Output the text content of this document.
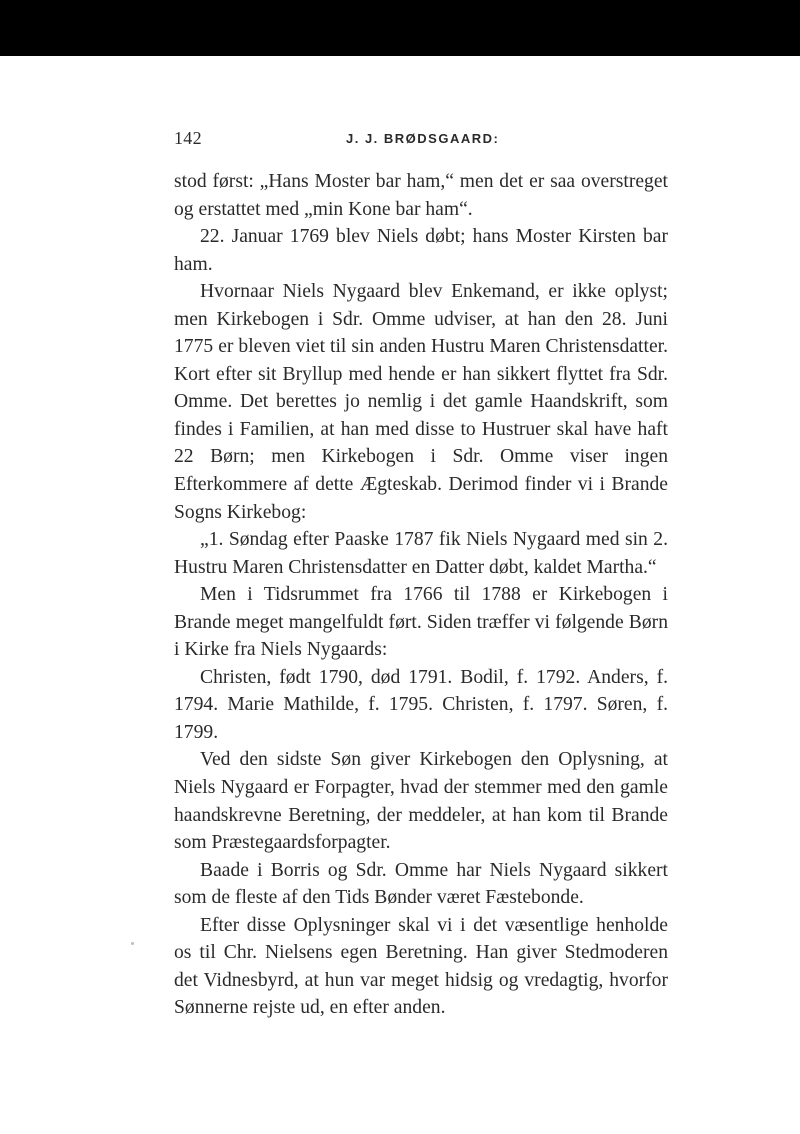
142	J. J. BRØDSGAARD:

stod først: „Hans Moster bar ham,“ men det er saa overstreget og erstattet med „min Kone bar ham“.

22. Januar 1769 blev Niels døbt; hans Moster Kirsten bar ham.

Hvornaar Niels Nygaard blev Enkemand, er ikke oplyst; men Kirkebogen i Sdr. Omme udviser, at han den 28. Juni 1775 er bleven viet til sin anden Hustru Maren Christensdatter. Kort efter sit Bryllup med hende er han sikkert flyttet fra Sdr. Omme. Det berettes jo nemlig i det gamle Haandskrift, som findes i Familien, at han med disse to Hustruer skal have haft 22 Børn; men Kirkebogen i Sdr. Omme viser ingen Efterkommere af dette Ægteskab. Derimod finder vi i Brande Sogns Kirkebog:

„1. Søndag efter Paaske 1787 fik Niels Nygaard med sin 2. Hustru Maren Christensdatter en Datter døbt, kaldet Martha.“

Men i Tidsrummet fra 1766 til 1788 er Kirkebogen i Brande meget mangelfuldt ført. Siden træffer vi følgende Børn i Kirke fra Niels Nygaards:

Christen, født 1790, død 1791. Bodil, f. 1792. Anders, f. 1794. Marie Mathilde, f. 1795. Christen, f. 1797. Søren, f. 1799.

Ved den sidste Søn giver Kirkebogen den Oplysning, at Niels Nygaard er Forpagter, hvad der stemmer med den gamle haandskrevne Beretning, der meddeler, at han kom til Brande som Præstegaardsforpagter.

Baade i Borris og Sdr. Omme har Niels Nygaard sikkert som de fleste af den Tids Bønder været Fæstebonde.

Efter disse Oplysninger skal vi i det væsentlige henholde os til Chr. Nielsens egen Beretning. Han giver Stedmoderen det Vidnesbyrd, at hun var meget hidsig og vredagtig, hvorfor Sønnerne rejste ud, en efter anden.
